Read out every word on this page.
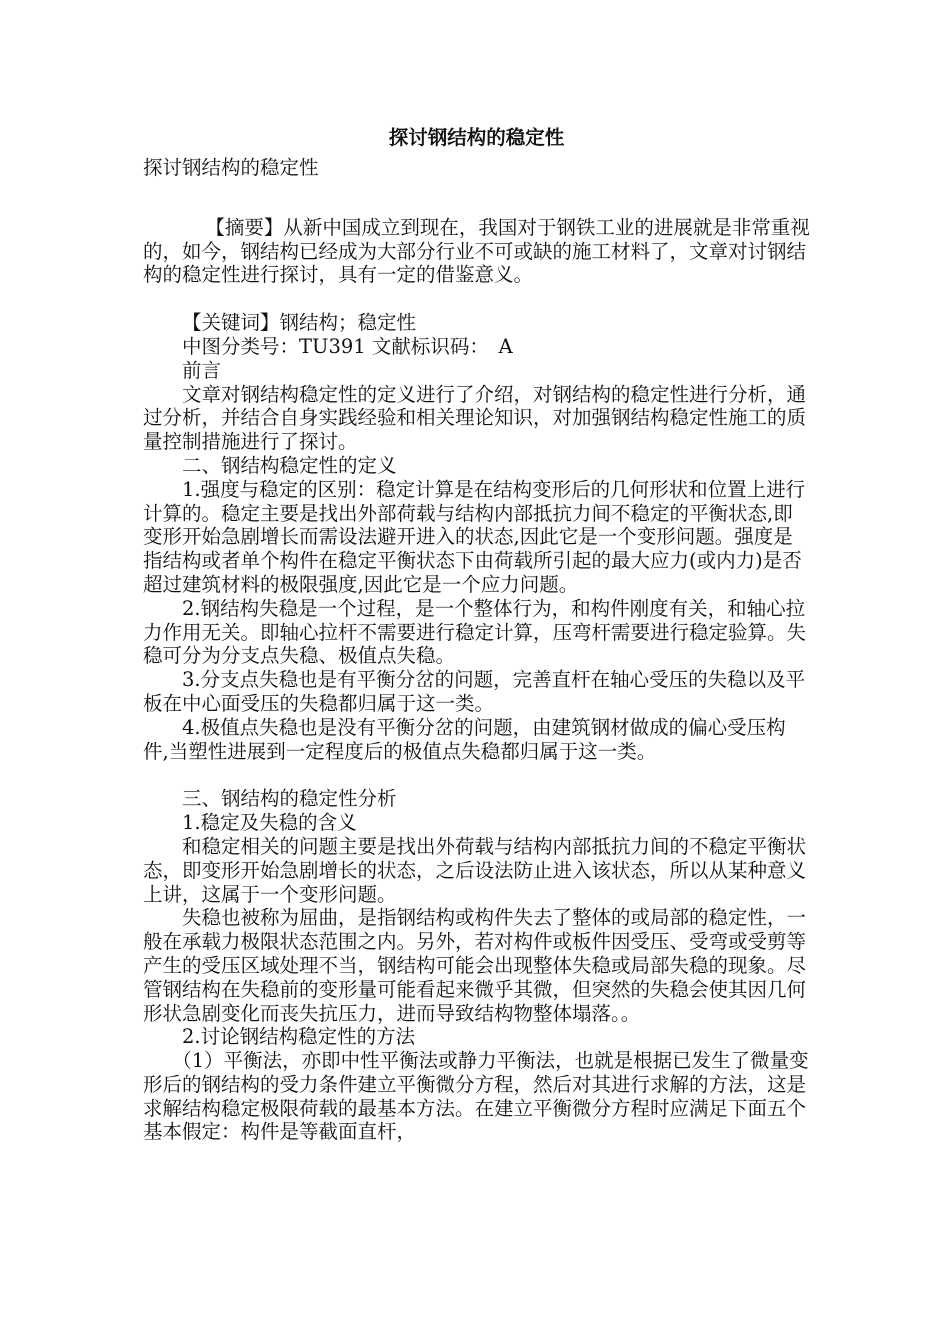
探讨钢结构的稳定性

探讨钢结构的稳定性

【摘要】从新中国成立到现在，我国对于钢铁工业的进展就是非常重视的，如今，钢结构已经成为大部分行业不可或缺的施工材料了，文章对讨钢结构的稳定性进行探讨，具有一定的借鉴意义。

【关键词】钢结构；稳定性

中图分类号：TU391 文献标识码：　A

前言

文章对钢结构稳定性的定义进行了介绍，对钢结构的稳定性进行分析，通过分析，并结合自身实践经验和相关理论知识，对加强钢结构稳定性施工的质量控制措施进行了探讨。

二、钢结构稳定性的定义

1.强度与稳定的区别：稳定计算是在结构变形后的几何形状和位置上进行计算的。稳定主要是找出外部荷载与结构内部抵抗力间不稳定的平衡状态,即变形开始急剧增长而需设法避开进入的状态,因此它是一个变形问题。强度是指结构或者单个构件在稳定平衡状态下由荷载所引起的最大应力(或内力)是否超过建筑材料的极限强度,因此它是一个应力问题。

2.钢结构失稳是一个过程，是一个整体行为，和构件刚度有关，和轴心拉力作用无关。即轴心拉杆不需要进行稳定计算，压弯杆需要进行稳定验算。失稳可分为分支点失稳、极值点失稳。

3.分支点失稳也是有平衡分岔的问题，完善直杆在轴心受压的失稳以及平板在中心面受压的失稳都归属于这一类。

4.极值点失稳也是没有平衡分岔的问题，由建筑钢材做成的偏心受压构件,当塑性进展到一定程度后的极值点失稳都归属于这一类。

三、钢结构的稳定性分析

1.稳定及失稳的含义

和稳定相关的问题主要是找出外荷载与结构内部抵抗力间的不稳定平衡状态，即变形开始急剧增长的状态，之后设法防止进入该状态，所以从某种意义上讲，这属于一个变形问题。

失稳也被称为屈曲，是指钢结构或构件失去了整体的或局部的稳定性，一般在承载力极限状态范围之内。另外，若对构件或板件因受压、受弯或受剪等产生的受压区域处理不当，钢结构可能会出现整体失稳或局部失稳的现象。尽管钢结构在失稳前的变形量可能看起来微乎其微，但突然的失稳会使其因几何形状急剧变化而丧失抗压力，进而导致结构物整体塌落。。

2.讨论钢结构稳定性的方法

（1）平衡法，亦即中性平衡法或静力平衡法，也就是根据已发生了微量变形后的钢结构的受力条件建立平衡微分方程，然后对其进行求解的方法，这是求解结构稳定极限荷载的最基本方法。在建立平衡微分方程时应满足下面五个基本假定：构件是等截面直杆，
